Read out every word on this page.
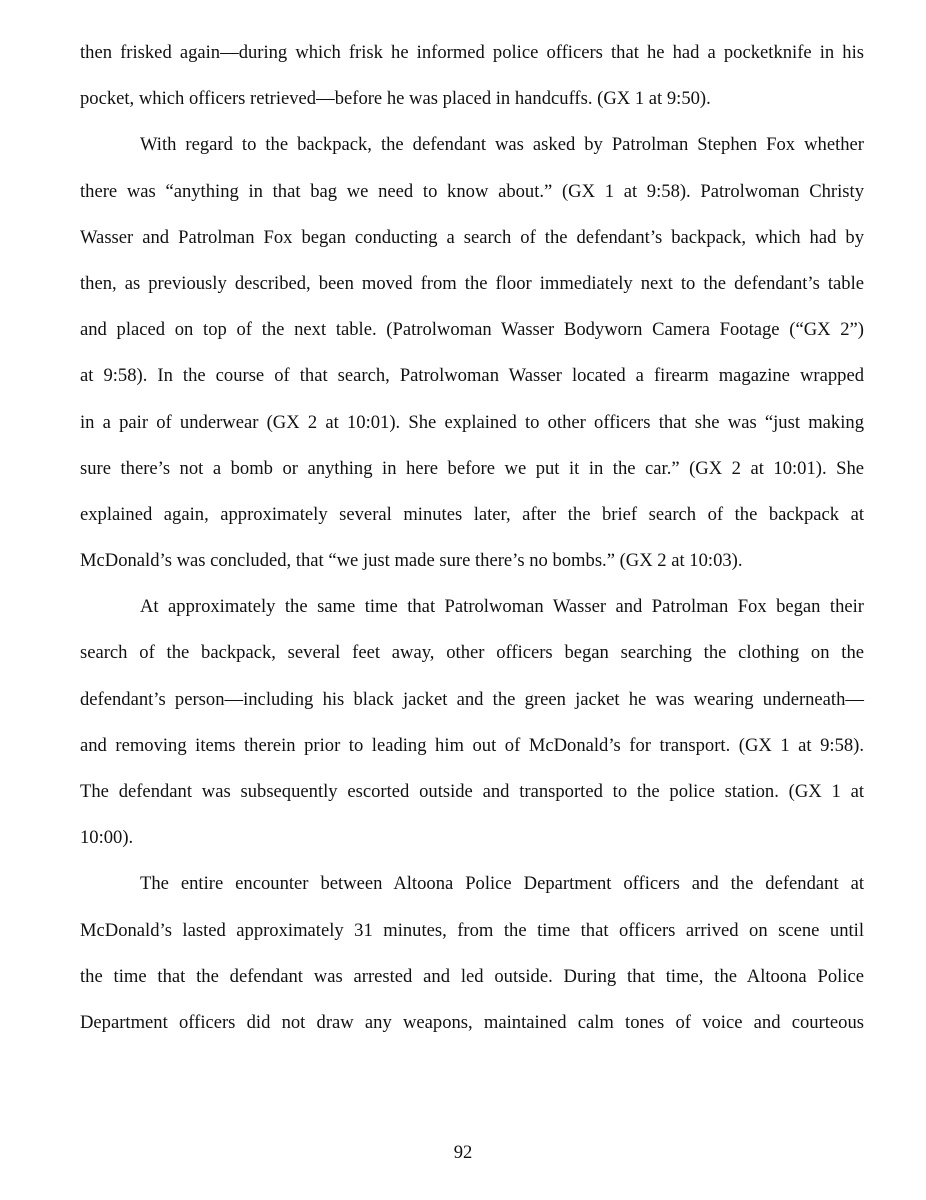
then frisked again—during which frisk he informed police officers that he had a pocketknife in his
pocket, which officers retrieved—before he was placed in handcuffs. (GX 1 at 9:50).
With regard to the backpack, the defendant was asked by Patrolman Stephen Fox whether
there was “anything in that bag we need to know about.” (GX 1 at 9:58). Patrolwoman Christy
Wasser and Patrolman Fox began conducting a search of the defendant’s backpack, which had by
then, as previously described, been moved from the floor immediately next to the defendant’s table
and placed on top of the next table. (Patrolwoman Wasser Bodyworn Camera Footage (“GX 2”)
at 9:58). In the course of that search, Patrolwoman Wasser located a firearm magazine wrapped
in a pair of underwear (GX 2 at 10:01). She explained to other officers that she was “just making
sure there’s not a bomb or anything in here before we put it in the car.” (GX 2 at 10:01). She
explained again, approximately several minutes later, after the brief search of the backpack at
McDonald’s was concluded, that “we just made sure there’s no bombs.” (GX 2 at 10:03).
At approximately the same time that Patrolwoman Wasser and Patrolman Fox began their
search of the backpack, several feet away, other officers began searching the clothing on the
defendant’s person—including his black jacket and the green jacket he was wearing underneath—
and removing items therein prior to leading him out of McDonald’s for transport. (GX 1 at 9:58).
The defendant was subsequently escorted outside and transported to the police station. (GX 1 at
10:00).
The entire encounter between Altoona Police Department officers and the defendant at
McDonald’s lasted approximately 31 minutes, from the time that officers arrived on scene until
the time that the defendant was arrested and led outside. During that time, the Altoona Police
Department officers did not draw any weapons, maintained calm tones of voice and courteous
92
